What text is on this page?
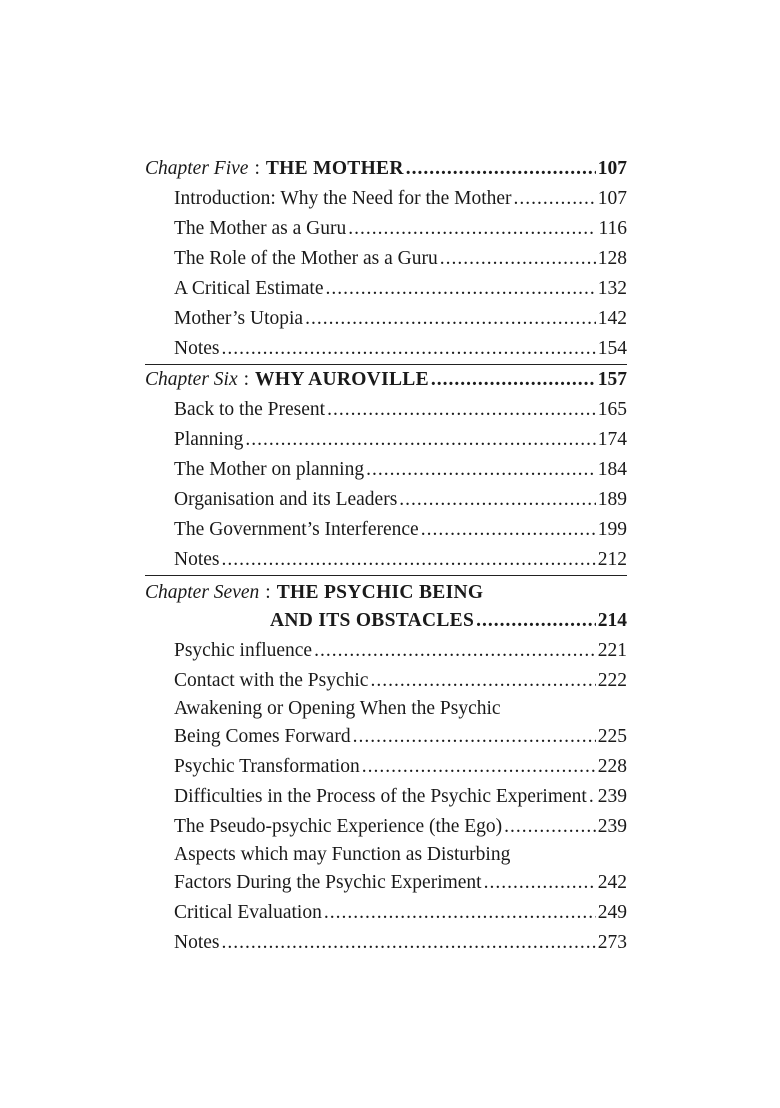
Chapter Five : THE MOTHER .....	107
Introduction: Why the Need for the Mother .....	107
The Mother as a Guru .....	116
The Role of the Mother as a Guru .....	128
A Critical Estimate .....	132
Mother’s Utopia .....	142
Notes .....	154
Chapter Six : WHY AUROVILLE .....	157
Back to the Present .....	165
Planning .....	174
The Mother on planning .....	184
Organisation and its Leaders .....	189
The Government’s Interference .....	199
Notes .....	212
Chapter Seven : THE PSYCHIC BEING
AND ITS OBSTACLES .....	214
Psychic influence .....	221
Contact with the Psychic .....	222
Awakening or Opening When the Psychic
Being Comes Forward .....	225
Psychic Transformation .....	228
Difficulties in the Process of the Psychic Experiment ..... 239
The Pseudo-psychic Experience (the Ego) .....	239
Aspects which may Function as Disturbing
Factors During the Psychic Experiment .....	242
Critical Evaluation .....	249
Notes .....	273
